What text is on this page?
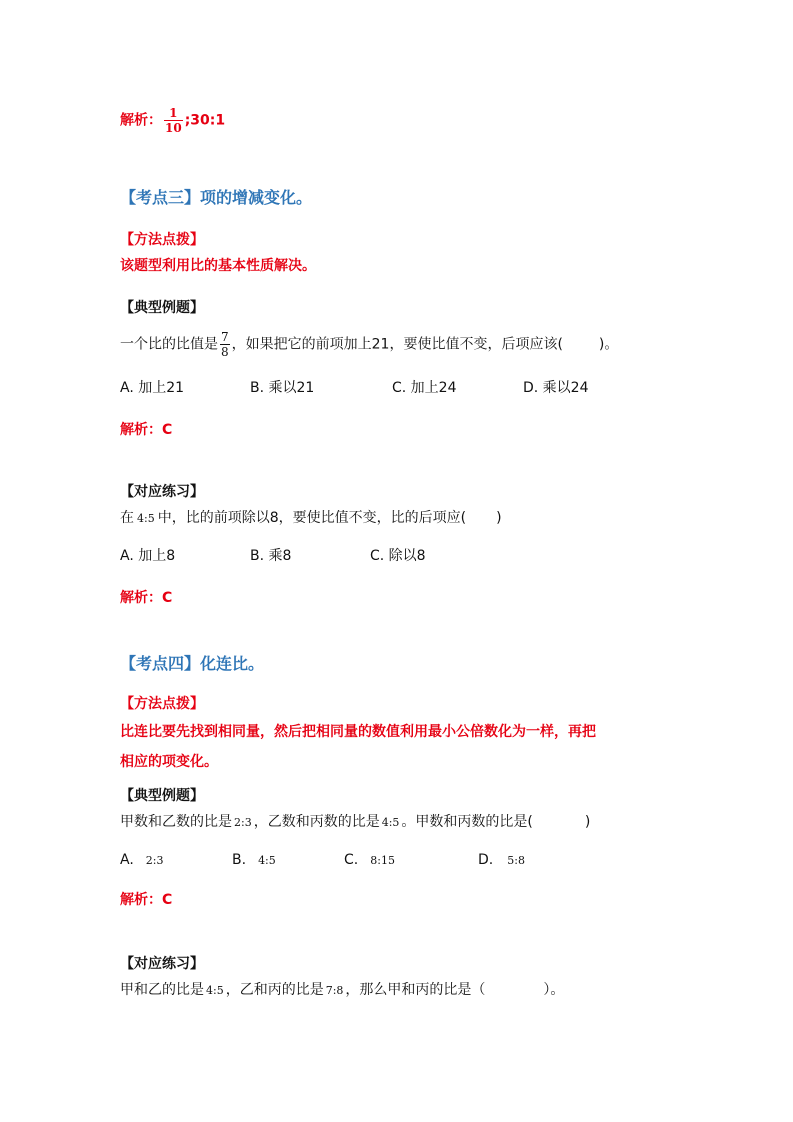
解析： $\frac{1}{10}$ ;30:1
【考点三】项的增减变化。
【方法点拨】
该题型利用比的基本性质解决。
【典型例题】
一个比的比值是 $\frac{7}{8}$ ，如果把它的前项加上21，要使比值不变，后项应该(	)。
A. 加上21	B. 乘以21	C. 加上24	D. 乘以24
解析：C
【对应练习】
在 4:5 中，比的前项除以8，要使比值不变，比的后项应( )
A. 加上8	B. 乘8	C. 除以8
解析：C
【考点四】化连比。
【方法点拨】
比连比要先找到相同量，然后把相同量的数值利用最小公倍数化为一样，再把
相应的项变化。
【典型例题】
甲数和乙数的比是 2:3 ，乙数和丙数的比是 4:5 。甲数和丙数的比是(	)
A. 2:3	B. 4:5	C. 8:15	D. 5:8
解析：C
【对应练习】
甲和乙的比是 4:5 ，乙和丙的比是 7:8 ，那么甲和丙的比是（	）。
